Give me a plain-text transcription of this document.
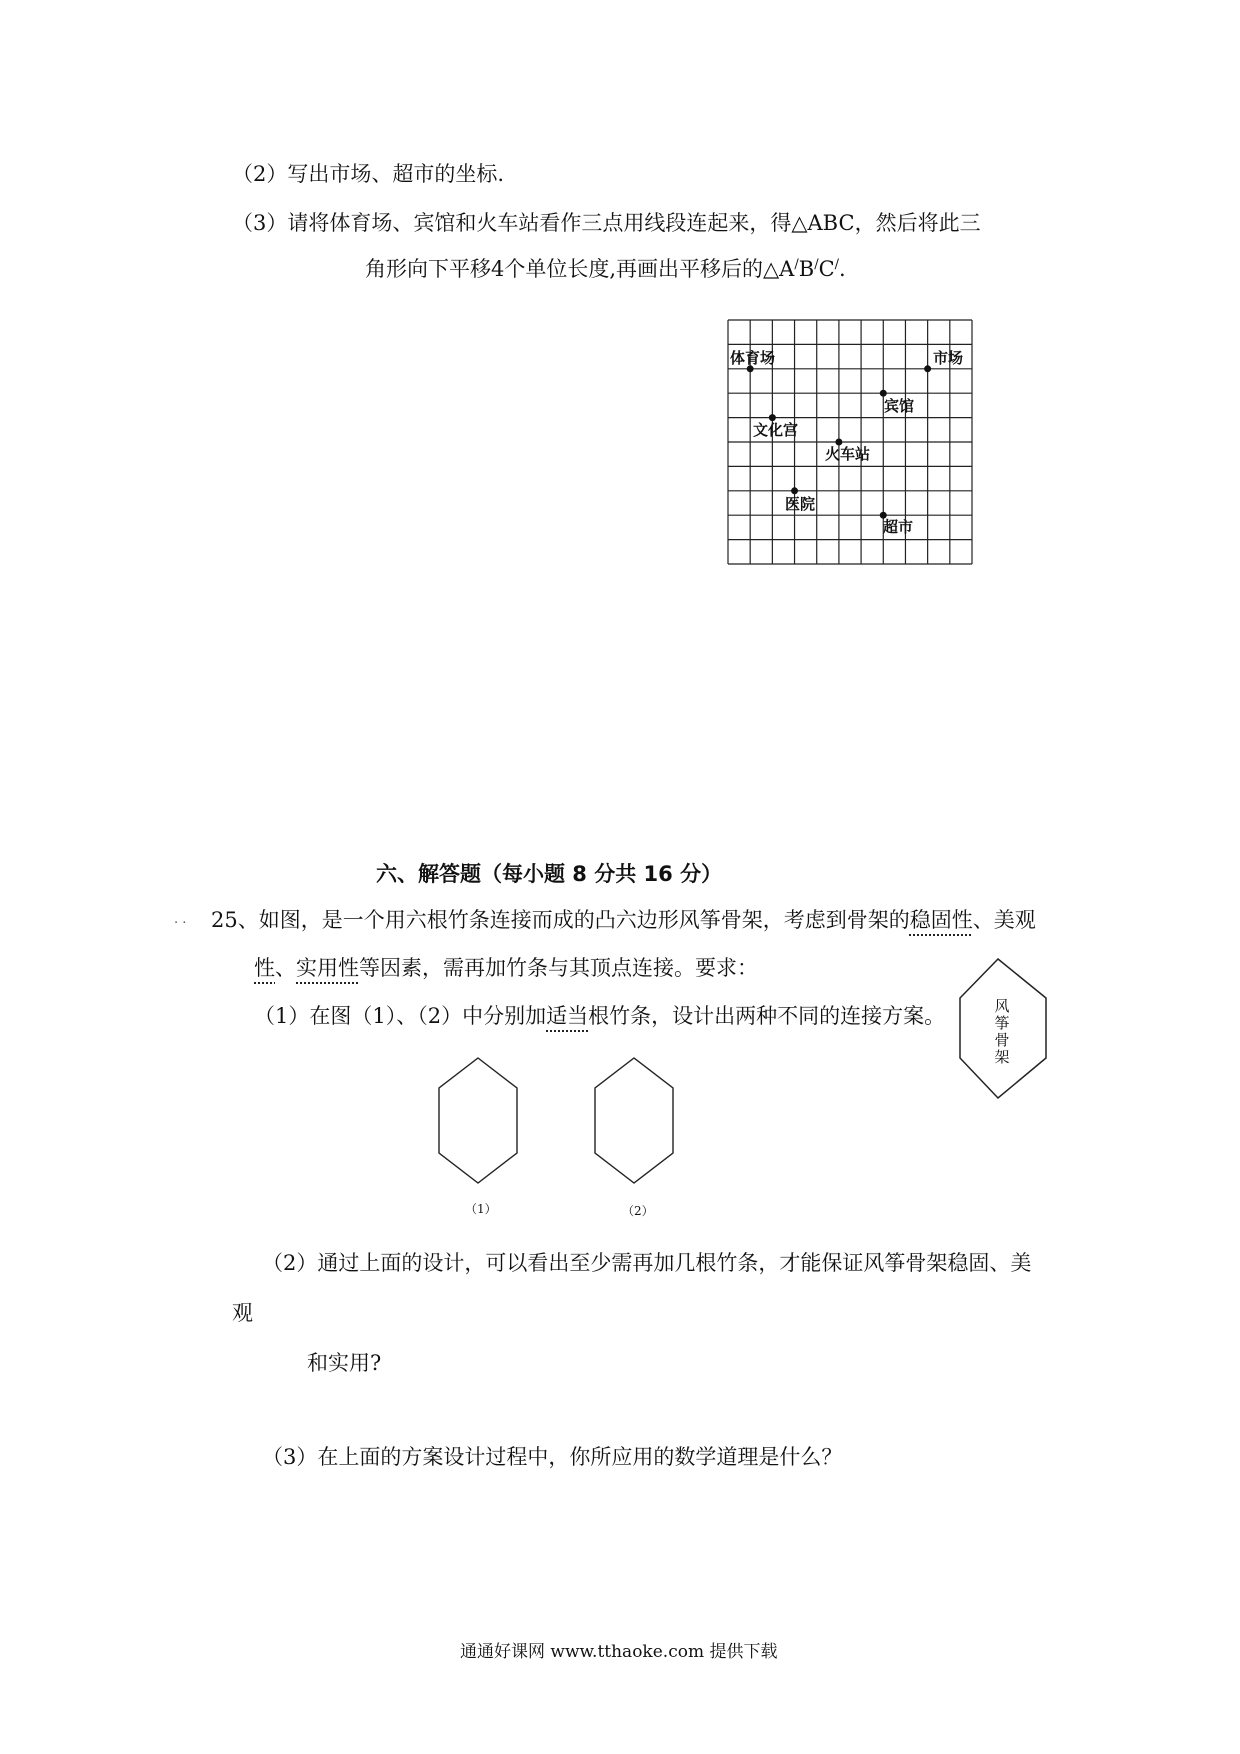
（2）写出市场、超市的坐标.
（3）请将体育场、宾馆和火车站看作三点用线段连起来，得△ABC，然后将此三
角形向下平移4个单位长度,再画出平移后的△A/B/C/.
体育场	市场
宾馆
文化宫
火车站
医院
超市
六、解答题（每小题 8 分共 16 分）
. . 25、如图，是一个用六根竹条连接而成的凸六边形风筝骨架，考虑到骨架的稳固性、美观
性、实用性等因素，需再加竹条与其顶点连接。要求：
（1）在图（1）、（2）中分别加适当根竹条，设计出两种不同的连接方案。	风筝骨架
（1）	（2）
（2）通过上面的设计，可以看出至少需再加几根竹条，才能保证风筝骨架稳固、美
观
和实用?
（3）在上面的方案设计过程中，你所应用的数学道理是什么？
通通好课网 www.tthaoke.com 提供下载
